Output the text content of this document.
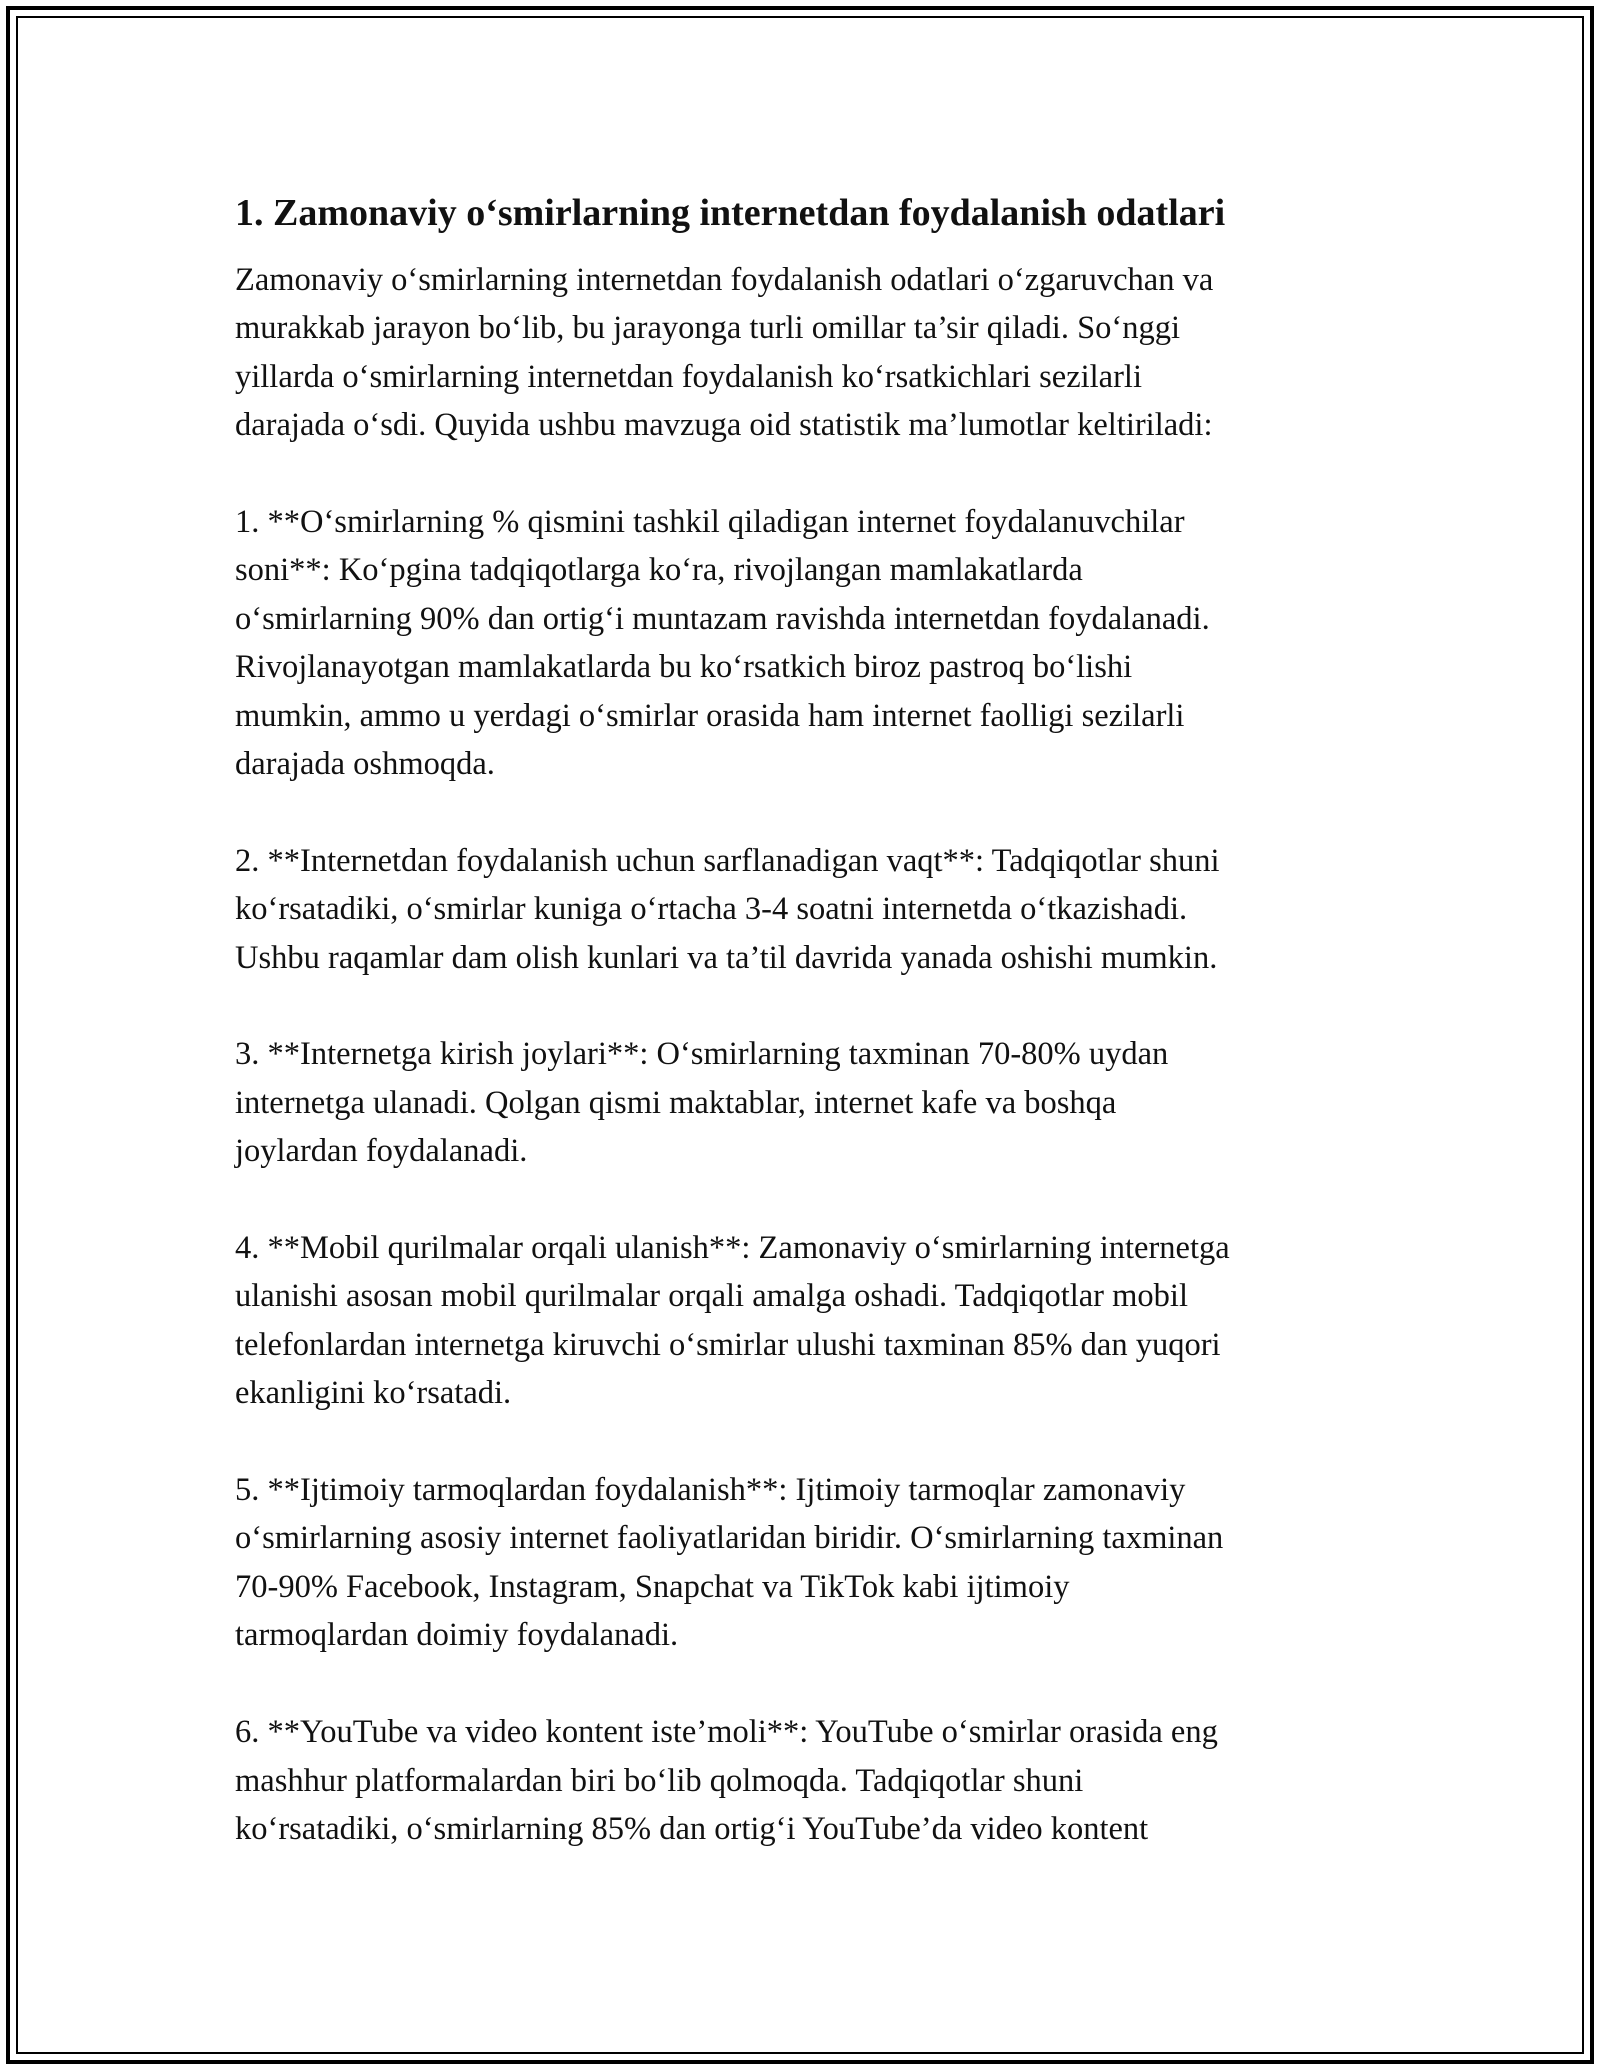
1. Zamonaviy o‘smirlarning internetdan foydalanish odatlari

Zamonaviy o‘smirlarning internetdan foydalanish odatlari o‘zgaruvchan va
murakkab jarayon bo‘lib, bu jarayonga turli omillar ta’sir qiladi. So‘nggi
yillarda o‘smirlarning internetdan foydalanish ko‘rsatkichlari sezilarli
darajada o‘sdi. Quyida ushbu mavzuga oid statistik ma’lumotlar keltiriladi:

1. **O‘smirlarning % qismini tashkil qiladigan internet foydalanuvchilar
soni**: Ko‘pgina tadqiqotlarga ko‘ra, rivojlangan mamlakatlarda
o‘smirlarning 90% dan ortig‘i muntazam ravishda internetdan foydalanadi.
Rivojlanayotgan mamlakatlarda bu ko‘rsatkich biroz pastroq bo‘lishi
mumkin, ammo u yerdagi o‘smirlar orasida ham internet faolligi sezilarli
darajada oshmoqda.

2. **Internetdan foydalanish uchun sarflanadigan vaqt**: Tadqiqotlar shuni
ko‘rsatadiki, o‘smirlar kuniga o‘rtacha 3-4 soatni internetda o‘tkazishadi.
Ushbu raqamlar dam olish kunlari va ta’til davrida yanada oshishi mumkin.

3. **Internetga kirish joylari**: O‘smirlarning taxminan 70-80% uydan
internetga ulanadi. Qolgan qismi maktablar, internet kafe va boshqa
joylardan foydalanadi.

4. **Mobil qurilmalar orqali ulanish**: Zamonaviy o‘smirlarning internetga
ulanishi asosan mobil qurilmalar orqali amalga oshadi. Tadqiqotlar mobil
telefonlardan internetga kiruvchi o‘smirlar ulushi taxminan 85% dan yuqori
ekanligini ko‘rsatadi.

5. **Ijtimoiy tarmoqlardan foydalanish**: Ijtimoiy tarmoqlar zamonaviy
o‘smirlarning asosiy internet faoliyatlaridan biridir. O‘smirlarning taxminan
70-90% Facebook, Instagram, Snapchat va TikTok kabi ijtimoiy
tarmoqlardan doimiy foydalanadi.

6. **YouTube va video kontent iste’moli**: YouTube o‘smirlar orasida eng
mashhur platformalardan biri bo‘lib qolmoqda. Tadqiqotlar shuni
ko‘rsatadiki, o‘smirlarning 85% dan ortig‘i YouTube’da video kontent
